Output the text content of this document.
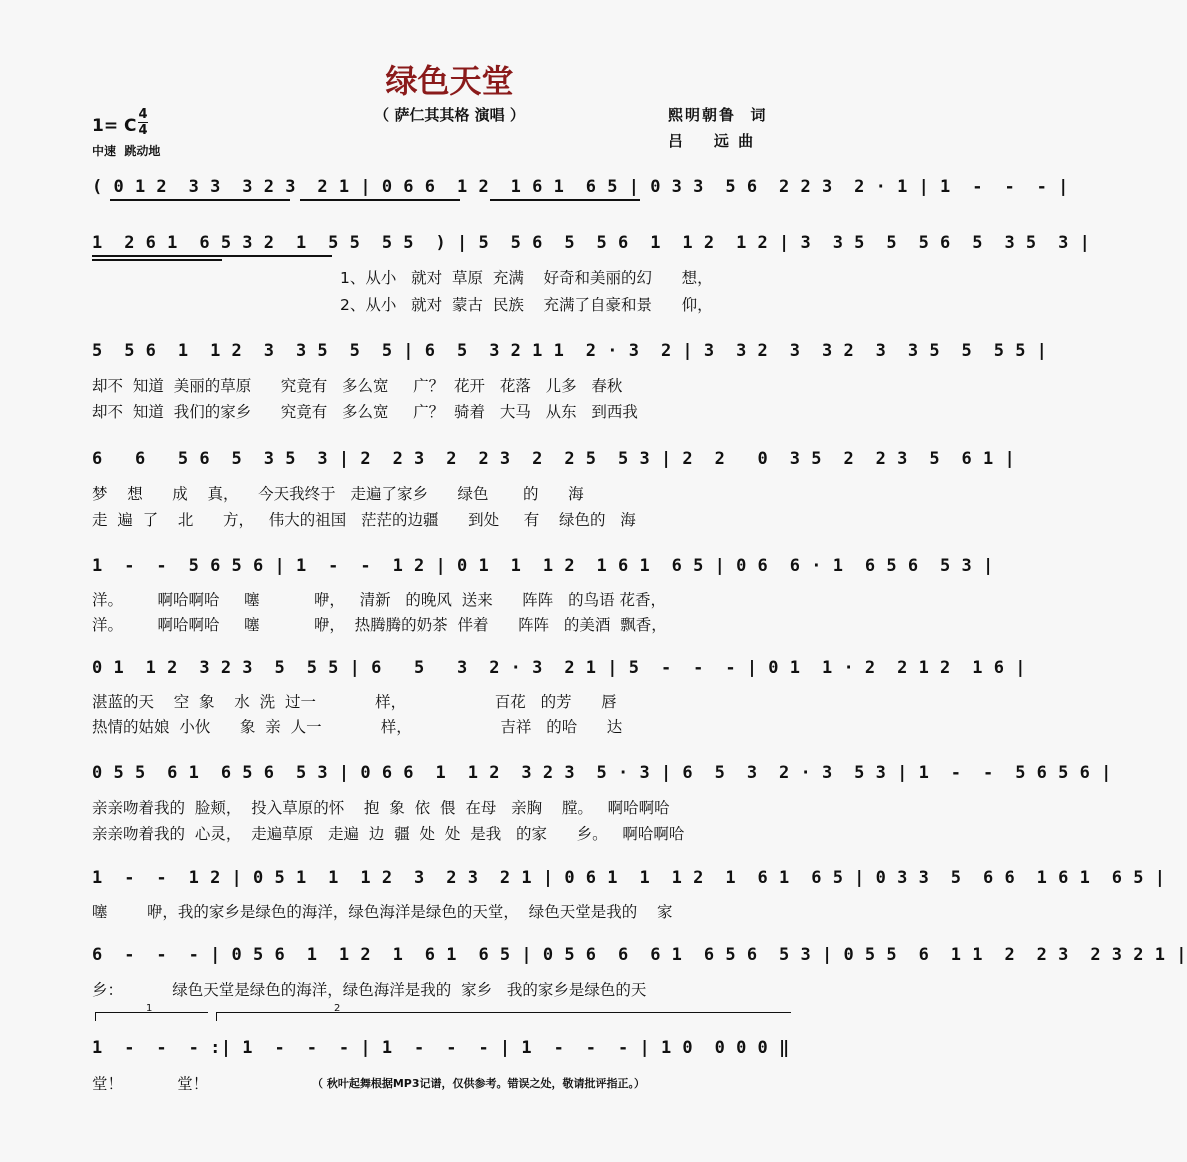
绿色天堂
（ 萨仁其其格 演唱 ）	熙明朝鲁  词
吕    远 曲
1= C
4
4
中速  跳动地
( 0 1 2  3 3  3 2 3  2 1 | 0 6 6  1 2  1 6 1  6 5 | 0 3 3  5 6  2 2 3  2 · 1 | 1  -  -  - |
1  2 6 1  6 5 3 2  1  5 5  5 5  ) | 5  5 6  5  5 6  1  1 2  1 2 | 3  3 5  5  5 6  5  3 5  3 |
1、从小   就对  草原  充满    好奇和美丽的幻      想，
2、从小   就对  蒙古  民族    充满了自豪和景      仰，
5  5 6  1  1 2  3  3 5  5  5 | 6  5  3 2 1 1  2 · 3  2 | 3  3 2  3  3 2  3  3 5  5  5 5 |
却不  知道  美丽的草原      究竟有   多么宽     广？  花开   花落   儿多   春秋
却不  知道  我们的家乡      究竟有   多么宽     广？  骑着   大马   从东   到西我
6   6   5 6  5  3 5  3 | 2  2 3  2  2 3  2  2 5  5 3 | 2  2   0  3 5  2  2 3  5  6 1 |
梦    想      成    真，    今天我终于   走遍了家乡      绿色       的      海
走  遍  了    北      方，   伟大的祖国   茫茫的边疆      到处     有    绿色的   海
1  -  -  5 6 5 6 | 1  -  -  1 2 | 0 1  1  1 2  1 6 1  6 5 | 0 6  6 · 1  6 5 6  5 3 |
洋。       啊哈啊哈     噻           咿，   清新   的晚风  送来      阵阵   的鸟语 花香，
洋。       啊哈啊哈     噻           咿，  热腾腾的奶茶  伴着      阵阵   的美酒  飘香，
0 1  1 2  3 2 3  5  5 5 | 6   5   3  2 · 3  2 1 | 5  -  -  - | 0 1  1 · 2  2 1 2  1 6 |
湛蓝的天    空  象    水  洗  过一            样，                  百花   的芳      唇
热情的姑娘  小伙      象  亲  人一            样，                  吉祥   的哈      达
0 5 5  6 1  6 5 6  5 3 | 0 6 6  1  1 2  3 2 3  5 · 3 | 6  5  3  2 · 3  5 3 | 1  -  -  5 6 5 6 |
亲亲吻着我的  脸颊，  投入草原的怀    抱  象  依  偎  在母   亲胸    膛。   啊哈啊哈
亲亲吻着我的  心灵，  走遍草原   走遍  边  疆  处  处  是我   的家      乡。   啊哈啊哈
1  -  -  1 2 | 0 5 1  1  1 2  3  2 3  2 1 | 0 6 1  1  1 2  1  6 1  6 5 | 0 3 3  5  6 6  1 6 1  6 5 |
噻        咿，我的家乡是绿色的海洋，绿色海洋是绿色的天堂，  绿色天堂是我的    家
6  -  -  - | 0 5 6  1  1 2  1  6 1  6 5 | 0 5 6  6  6 1  6 5 6  5 3 | 0 5 5  6  1 1  2  2 3  2 3 2 1 |
乡：          绿色天堂是绿色的海洋，绿色海洋是我的  家乡   我的家乡是绿色的天
1	2
1  -  -  - :| 1  -  -  - | 1  -  -  - | 1  -  -  - | 1 0  0 0 0 ‖
堂！           堂！	（ 秋叶起舞根据MP3记谱，仅供参考。错误之处，敬请批评指正。）
